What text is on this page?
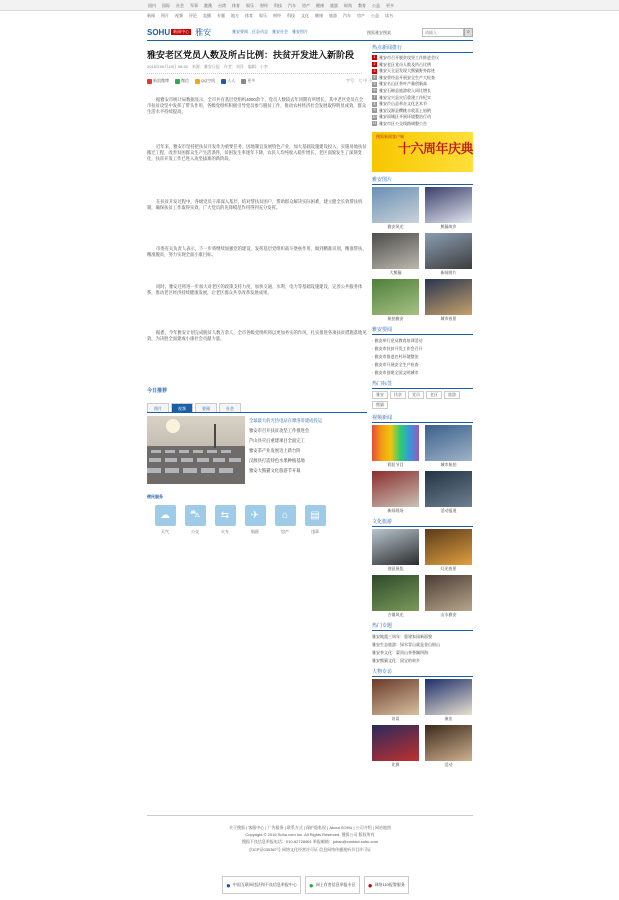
国内 国际 社会 军事 港澳 台湾 体育 娱乐 财经 科技 汽车 房产 健康 旅游 时尚 教育 公益 更多
新闻 图片 视频 评论 直播 专题 地方 体育 娱乐 财经 科技 文化 健康 旅游 汽车 房产 公益 读书
SOHU 新闻中心 雅安	雅安要闻 区县动态 雅安社会 雅安图片	搜狐雅安搜索
请输入	⌕
雅安老区党员人数及所占比例：扶贫开发进入新阶段
2016年06月15日 08:30　来源：雅安日报　作者：刘洋　编辑：小李
新浪微博	微信	QQ空间	人人	更多	字号：大 中 小
据雅安市统计局数据显示，全市共有基层党组织4000余个，党员人数较去年同期有所增长，其中老区党员在全市扶贫攻坚中发挥了带头作用，各级党组织积极引导党员参与脱贫工作，推动农村经济社会发展取得明显成效，群众生活水平持续提高。
近年来，雅安市坚持把扶贫开发作为重要任务，因地制宜发展特色产业，加大基础设施建设投入，实施易地扶贫搬迁工程，改善贫困群众生产生活条件，贫困发生率逐年下降，农民人均纯收入稳步增长，老区面貌发生了深刻变化，扶贫开发工作已进入攻坚拔寨的新阶段。
在扶贫开发过程中，各级党员干部深入基层，结对帮扶贫困户，帮助群众解决实际困难，建立健全长效帮扶机制，确保扶贫工作取得实效，广大党员的先锋模范作用得到充分发挥。
市委有关负责人表示，下一步将继续加强党的建设，发挥基层党组织战斗堡垒作用，做到精准识别、精准帮扶、精准脱贫，努力实现全面小康目标。
同时，雅安还将进一步加大对老区的政策支持力度，加快交通、水利、电力等基础设施建设，完善公共服务体系，推动老区经济持续健康发展，让老区群众共享改革发展成果。
据悉，今年雅安计划完成脱贫人数万余人，全市各级党组织将以更加务实的作风，扎实推进各项扶贫措施落地见效，为决胜全面建成小康社会贡献力量。
今日推荐
图片	视频	要闻	社会
全球最大的光热电站在摩洛哥建成投运
雅安市召开扶贫攻坚工作推进会
芦山县灾后重建项目全面完工
雅安茶产业发展迈上新台阶
汉源县打造特色水果种植基地
雅安大熊猫文化旅游节开幕
便民服务
☁
天气
⛍
公交
⇆
火车
✈
航班
⌂
房产
▤
违章
热点新闻排行
1 雅安市召开脱贫攻坚工作推进会议
2 雅安老区党员人数及所占比例
3 雅安天全县发现大熊猫野外踪迹
4 雅安荥经县开展安全生产大检查
5 雅安名山区茶叶产量创新高
6 雅安石棉县旅游收入同比增长
7 雅安宝兴县灾后重建工作纪实
8 雅安芦山县举办文化艺术节
9 雅安汉源县樱桃丰收喜上眉梢
10 雅安雨城区开展环境整治行动
11 雅安市区公交线路调整公告
搜狐新闻客户端
十六周年庆典
雅安图片
雅安风光	熊猫故乡
大熊猫	新闻图片
航拍雅安	城市夜景
雅安要闻
· 雅安举行党员教育培训活动
· 雅安市扶贫开发工作会召开
· 雅安市推进农村环境整治
· 雅安市开展安全生产检查
· 雅安市创建全国文明城市
热门标签
雅安	扶贫	党员	老区	旅游
熊猫
视频新闻
彩虹节目	城市航拍
新闻现场	活动报道
文化旅游
创意展览	灯光夜景
古镇风光	山水雅安
热门专题
雅安地震三周年：重建家园新面貌
雅安生态旅游：绿水青山就是金山银山
雅安茶文化：蒙顶山茶香飘四海
雅安熊猫文化：国宝的故乡
人物专访
访谈	演出
比赛	活动
关于搜狐 | 客服中心 | 广告服务 | 联系方式 | 保护隐私权 | About SOHU | 公司介绍 | 网站地图
Copyright © 2016 Sohu.com Inc. All Rights Reserved. 搜狐公司 版权所有
搜狐不良信息举报电话：010-62728061 举报邮箱：jubao@contact.sohu.com
京ICP证030367号 网络文化经营许可证 信息网络传播视听节目许可证
● 中国互联网违法和不良信息举报中心 ● 网上有害信息举报专区 ● 网络110报警服务
